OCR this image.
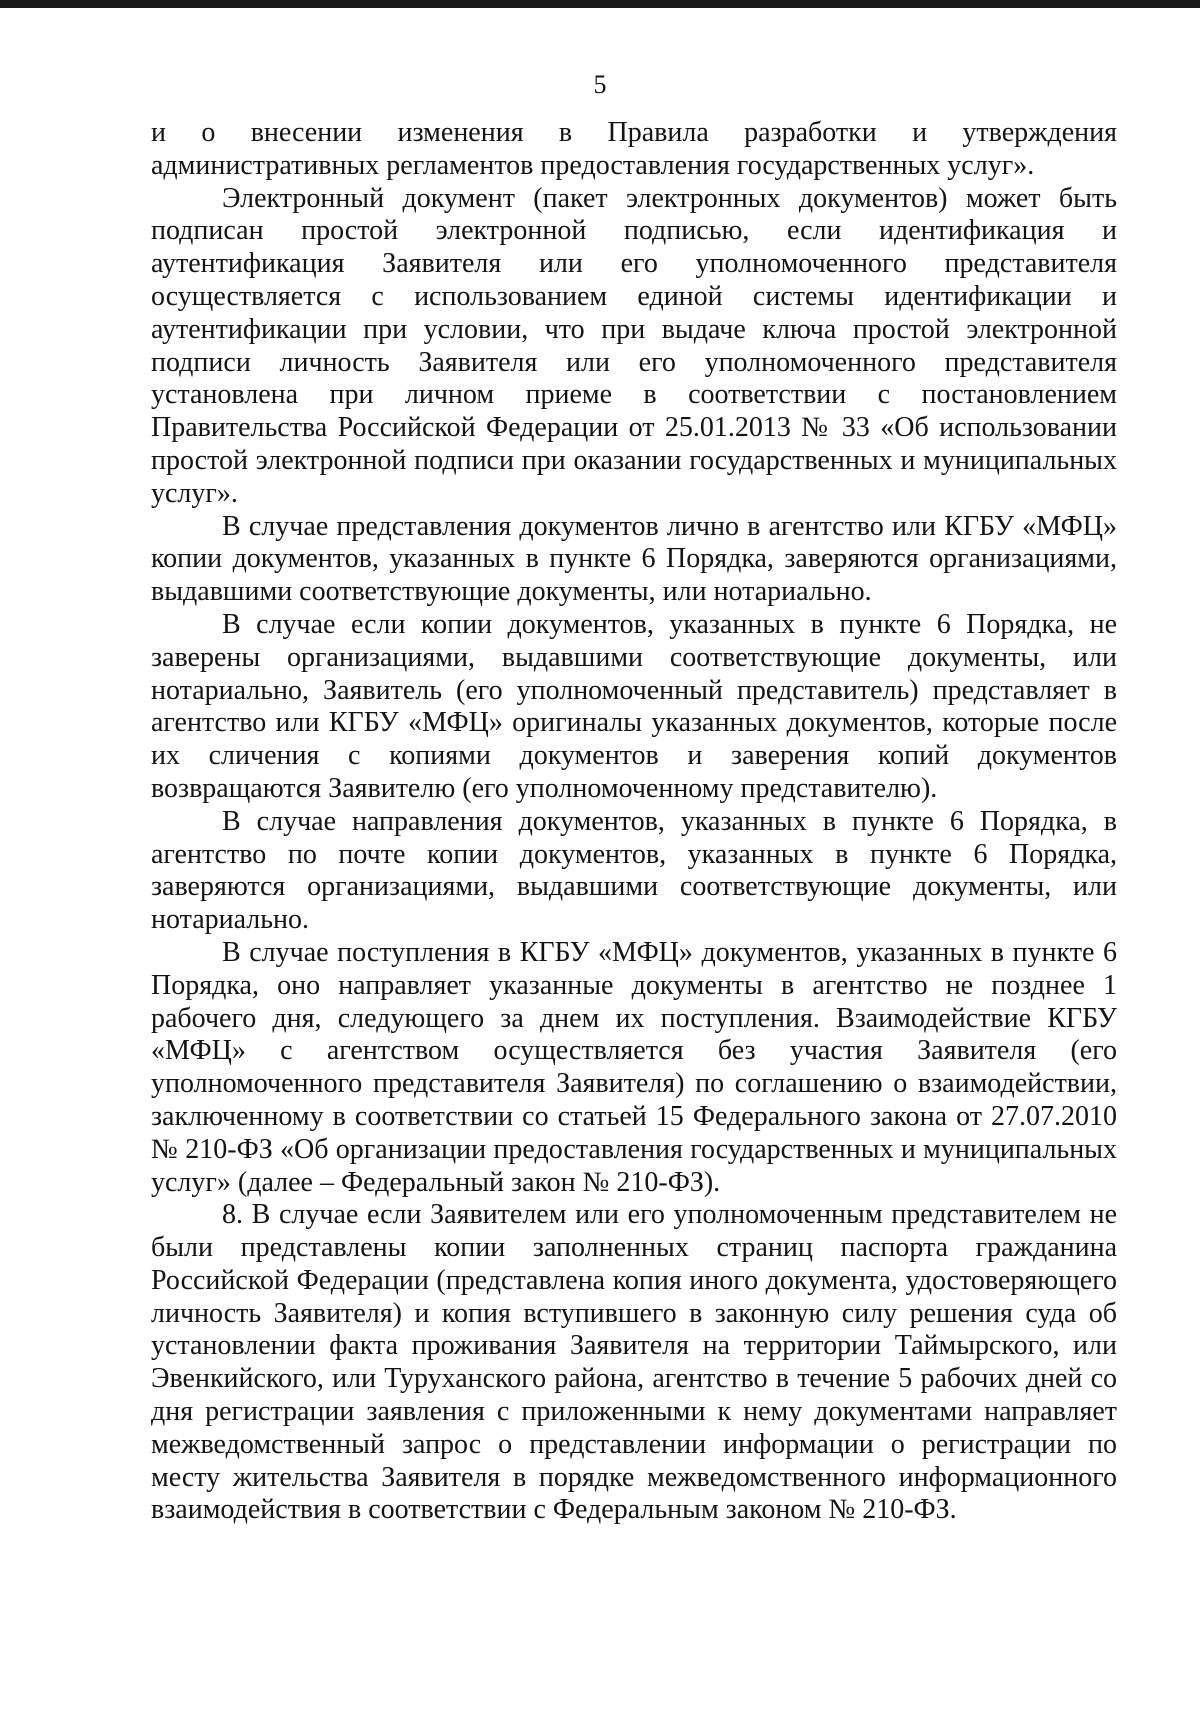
5

и о внесении изменения в Правила разработки и утверждения административных регламентов предоставления государственных услуг».

Электронный документ (пакет электронных документов) может быть подписан простой электронной подписью, если идентификация и аутентификация Заявителя или его уполномоченного представителя осуществляется с использованием единой системы идентификации и аутентификации при условии, что при выдаче ключа простой электронной подписи личность Заявителя или его уполномоченного представителя установлена при личном приеме в соответствии с постановлением Правительства Российской Федерации от 25.01.2013 № 33 «Об использовании простой электронной подписи при оказании государственных и муниципальных услуг».

В случае представления документов лично в агентство или КГБУ «МФЦ» копии документов, указанных в пункте 6 Порядка, заверяются организациями, выдавшими соответствующие документы, или нотариально.

В случае если копии документов, указанных в пункте 6 Порядка, не заверены организациями, выдавшими соответствующие документы, или нотариально, Заявитель (его уполномоченный представитель) представляет в агентство или КГБУ «МФЦ» оригиналы указанных документов, которые после их сличения с копиями документов и заверения копий документов возвращаются Заявителю (его уполномоченному представителю).

В случае направления документов, указанных в пункте 6 Порядка, в агентство по почте копии документов, указанных в пункте 6 Порядка, заверяются организациями, выдавшими соответствующие документы, или нотариально.

В случае поступления в КГБУ «МФЦ» документов, указанных в пункте 6 Порядка, оно направляет указанные документы в агентство не позднее 1 рабочего дня, следующего за днем их поступления. Взаимодействие КГБУ «МФЦ» с агентством осуществляется без участия Заявителя (его уполномоченного представителя Заявителя) по соглашению о взаимодействии, заключенному в соответствии со статьей 15 Федерального закона от 27.07.2010 № 210-ФЗ «Об организации предоставления государственных и муниципальных услуг» (далее – Федеральный закон № 210-ФЗ).

8. В случае если Заявителем или его уполномоченным представителем не были представлены копии заполненных страниц паспорта гражданина Российской Федерации (представлена копия иного документа, удостоверяющего личность Заявителя) и копия вступившего в законную силу решения суда об установлении факта проживания Заявителя на территории Таймырского, или Эвенкийского, или Туруханского района, агентство в течение 5 рабочих дней со дня регистрации заявления с приложенными к нему документами направляет межведомственный запрос о представлении информации о регистрации по месту жительства Заявителя в порядке межведомственного информационного взаимодействия в соответствии с Федеральным законом № 210-ФЗ.
